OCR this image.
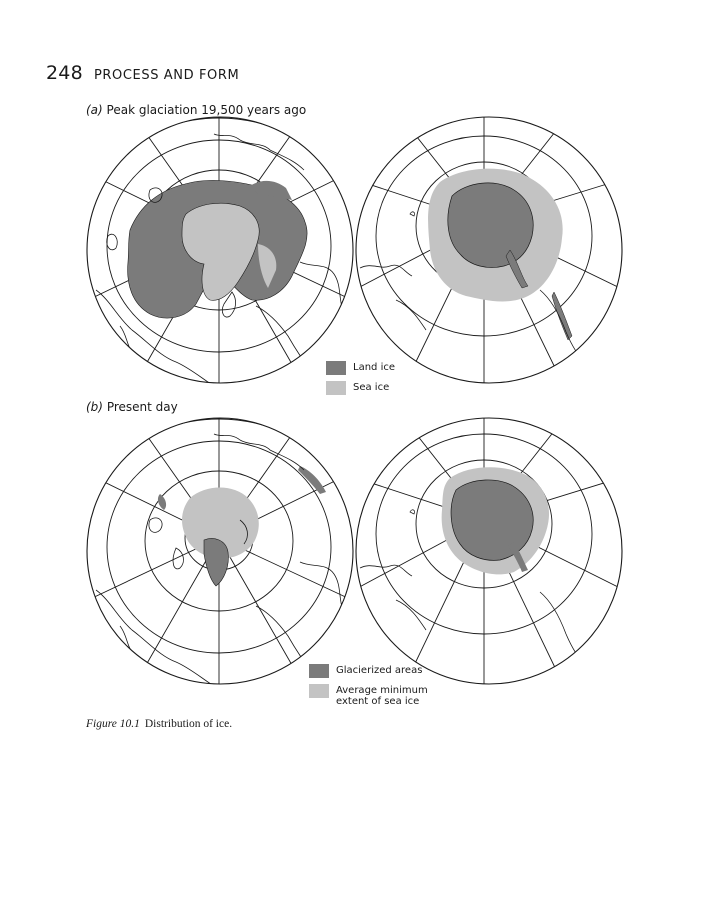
248 PROCESS AND FORM
(a) Peak glaciation 19,500 years ago
(b) Present day
Land ice
Sea ice
Glacierized areas
Average minimum
extent of sea ice
Figure 10.1 Distribution of ice.
